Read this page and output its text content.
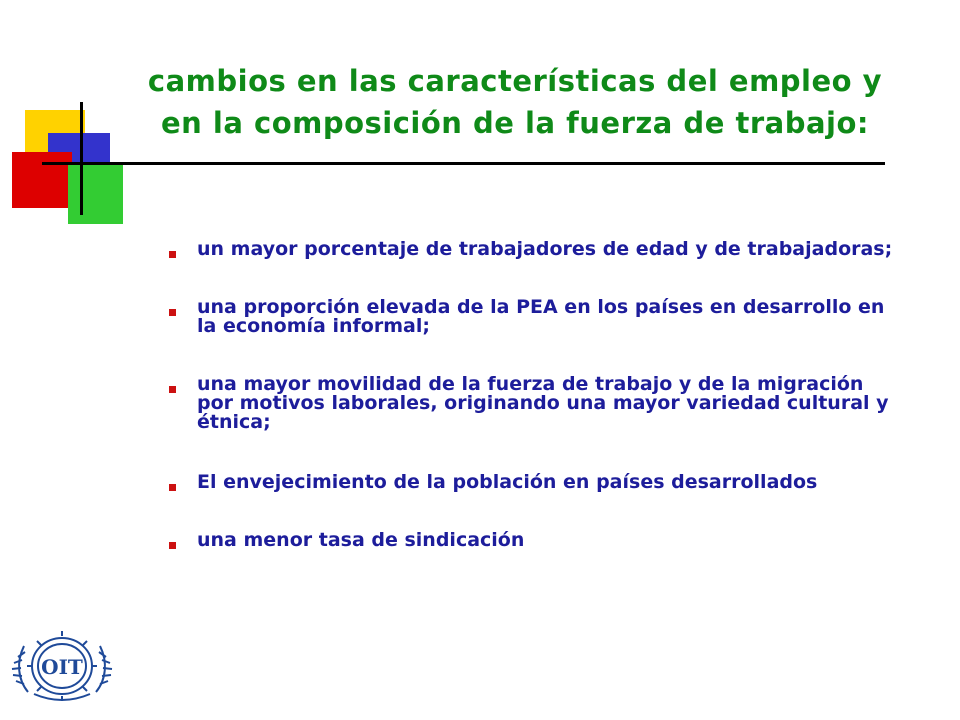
cambios en las características del empleo y
en la composición de la fuerza de trabajo:
un mayor porcentaje de trabajadores de edad y de trabajadoras;
una proporción elevada de la PEA en los países en desarrollo en la economía informal;
una mayor movilidad de la fuerza de trabajo y de la migración por motivos laborales, originando una mayor variedad cultural y étnica;
El envejecimiento de la población en países desarrollados
una menor tasa de sindicación
OIT
